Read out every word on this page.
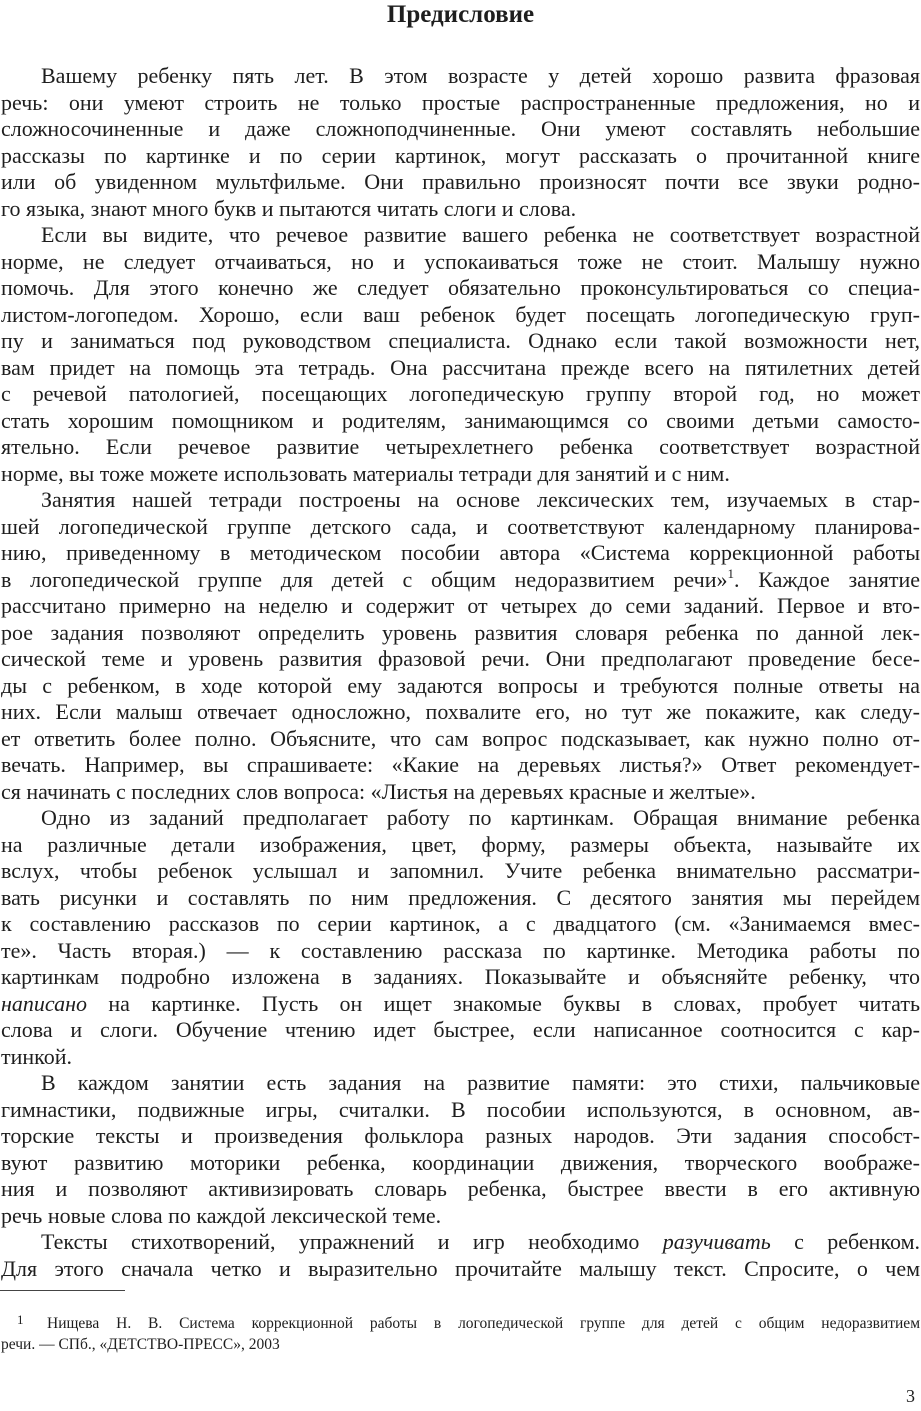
Предисловие
Вашему ребенку пять лет. В этом возрасте у детей хорошо развита фразовая
речь: они умеют строить не только простые распространенные предложения, но и
сложносочиненные и даже сложноподчиненные. Они умеют составлять небольшие
рассказы по картинке и по серии картинок, могут рассказать о прочитанной книге
или об увиденном мультфильме. Они правильно произносят почти все звуки родно-
го языка, знают много букв и пытаются читать слоги и слова.
Если вы видите, что речевое развитие вашего ребенка не соответствует возрастной
норме, не следует отчаиваться, но и успокаиваться тоже не стоит. Малышу нужно
помочь. Для этого конечно же следует обязательно проконсультироваться со специа-
листом-логопедом. Хорошо, если ваш ребенок будет посещать логопедическую груп-
пу и заниматься под руководством специалиста. Однако если такой возможности нет,
вам придет на помощь эта тетрадь. Она рассчитана прежде всего на пятилетних детей
с речевой патологией, посещающих логопедическую группу второй год, но может
стать хорошим помощником и родителям, занимающимся со своими детьми самосто-
ятельно. Если речевое развитие четырехлетнего ребенка соответствует возрастной
норме, вы тоже можете использовать материалы тетради для занятий и с ним.
Занятия нашей тетради построены на основе лексических тем, изучаемых в стар-
шей логопедической группе детского сада, и соответствуют календарному планирова-
нию, приведенному в методическом пособии автора «Система коррекционной работы
в логопедической группе для детей с общим недоразвитием речи»$^1$. Каждое занятие
рассчитано примерно на неделю и содержит от четырех до семи заданий. Первое и вто-
рое задания позволяют определить уровень развития словаря ребенка по данной лек-
сической теме и уровень развития фразовой речи. Они предполагают проведение бесе-
ды с ребенком, в ходе которой ему задаются вопросы и требуются полные ответы на
них. Если малыш отвечает односложно, похвалите его, но тут же покажите, как следу-
ет ответить более полно. Объясните, что сам вопрос подсказывает, как нужно полно от-
вечать. Например, вы спрашиваете: «Какие на деревьях листья?» Ответ рекомендует-
ся начинать с последних слов вопроса: «Листья на деревьях красные и желтые».
Одно из заданий предполагает работу по картинкам. Обращая внимание ребенка
на различные детали изображения, цвет, форму, размеры объекта, называйте их
вслух, чтобы ребенок услышал и запомнил. Учите ребенка внимательно рассматри-
вать рисунки и составлять по ним предложения. С десятого занятия мы перейдем
к составлению рассказов по серии картинок, а с двадцатого (см. «Занимаемся вмес-
те». Часть вторая.) — к составлению рассказа по картинке. Методика работы по
картинкам подробно изложена в заданиях. Показывайте и объясняйте ребенку, что
написано на картинке. Пусть он ищет знакомые буквы в словах, пробует читать
слова и слоги. Обучение чтению идет быстрее, если написанное соотносится с кар-
тинкой.
В каждом занятии есть задания на развитие памяти: это стихи, пальчиковые
гимнастики, подвижные игры, считалки. В пособии используются, в основном, ав-
торские тексты и произведения фольклора разных народов. Эти задания способст-
вуют развитию моторики ребенка, координации движения, творческого воображе-
ния и позволяют активизировать словарь ребенка, быстрее ввести в его активную
речь новые слова по каждой лексической теме.
Тексты стихотворений, упражнений и игр необходимо разучивать с ребенком.
Для этого сначала четко и выразительно прочитайте малышу текст. Спросите, о чем
$^1$ Нищева Н. В. Система коррекционной работы в логопедической группе для детей с общим недоразвитием
речи. — СПб., «ДЕТСТВО-ПРЕСС», 2003
3
